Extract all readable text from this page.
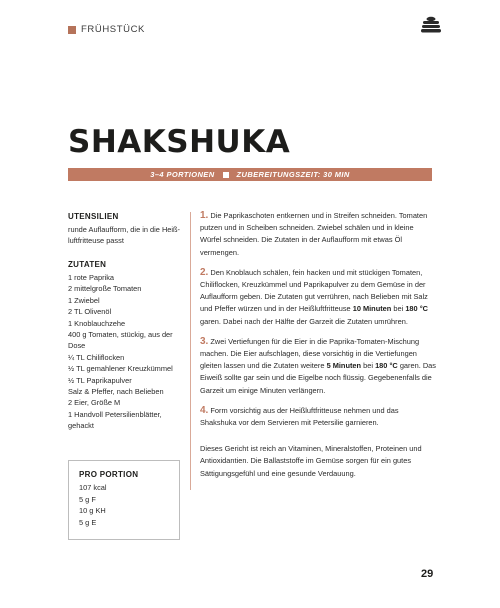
FRÜHSTÜCK
SHAKSHUKA
3–4 PORTIONEN	ZUBEREITUNGSZEIT: 30 MIN

UTENSILIEN

runde Auflaufform, die in die Heiß-luftfritteuse passt

ZUTATEN

1 rote Paprika
2 mittelgroße Tomaten
1 Zwiebel
2 TL Olivenöl
1 Knoblauchzehe
400 g Tomaten, stückig, aus der Dose
¼ TL Chiliflocken
½ TL gemahlener Kreuzkümmel
½ TL Paprikapulver
Salz & Pfeffer, nach Belieben
2 Eier, Größe M
1 Handvoll Petersilienblätter, gehackt

1. Die Paprikaschoten entkernen und in Streifen schneiden. Tomaten putzen und in Scheiben schneiden. Zwiebel schälen und in kleine Würfel schneiden. Die Zutaten in der Auflaufform mit etwas Öl vermengen.

2. Den Knoblauch schälen, fein hacken und mit stückigen Tomaten, Chiliflocken, Kreuzkümmel und Paprikapulver zu dem Gemüse in der Auflaufform geben. Die Zutaten gut verrühren, nach Belieben mit Salz und Pfeffer würzen und in der Heißluftfritteuse 10 Minuten bei 180 °C garen. Dabei nach der Hälfte der Garzeit die Zutaten umrühren.

3. Zwei Vertiefungen für die Eier in die Paprika-Tomaten-Mischung machen. Die Eier aufschlagen, diese vorsichtig in die Vertiefungen gleiten lassen und die Zutaten weitere 5 Minuten bei 180 °C garen. Das Eiweiß sollte gar sein und die Eigelbe noch flüssig. Gegebenenfalls die Garzeit um einige Minuten verlängern.

4. Form vorsichtig aus der Heißluftfritteuse nehmen und das Shakshuka vor dem Servieren mit Petersilie garnieren.

Dieses Gericht ist reich an Vitaminen, Mineralstoffen, Proteinen und Antioxidantien. Die Ballaststoffe im Gemüse sorgen für ein gutes Sättigungsgefühl und eine gesunde Verdauung.

PRO PORTION

107 kcal
5 g F
10 g KH
5 g E
29
